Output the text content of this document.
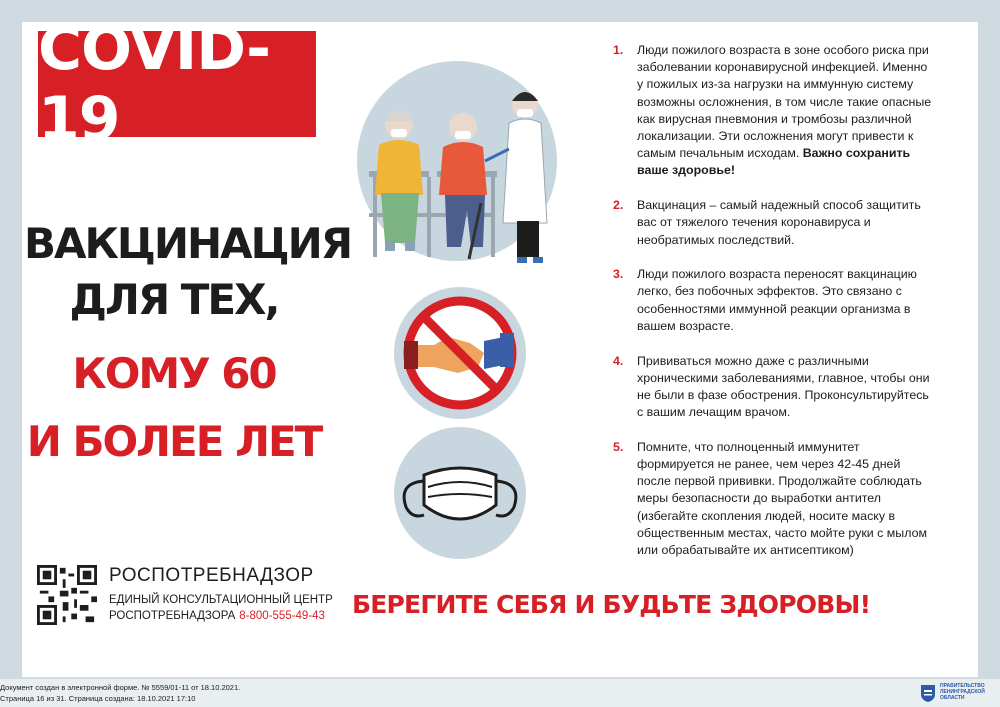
COVID-19
ВАКЦИНАЦИЯ
ДЛЯ ТЕХ,
КОМУ 60
И БОЛЕЕ ЛЕТ
1. Люди пожилого возраста в зоне особого риска при заболевании коронавирусной инфекцией. Именно у пожилых из-за нагрузки на иммунную систему возможны осложнения, в том числе такие опасные как вирусная пневмония и тромбозы различной локализации. Эти осложнения могут привести к самым печальным исходам. Важно сохранить ваше здоровье!
2. Вакцинация – самый надежный способ защитить вас от тяжелого течения коронавируса и необратимых последствий.
3. Люди пожилого возраста переносят вакцинацию легко, без побочных эффектов. Это связано с особенностями иммунной реакции организма в вашем возрасте.
4. Прививаться можно даже с различными хроническими заболеваниями, главное, чтобы они не были в фазе обострения. Проконсультируйтесь с вашим лечащим врачом.
5. Помните, что полноценный иммунитет формируется не ранее, чем через 42-45 дней после первой прививки. Продолжайте соблюдать меры безопасности до выработки антител (избегайте скопления людей, носите маску в общественным местах, часто мойте руки с мылом или обрабатывайте их антисептиком)
РОСПОТРЕБНАДЗОР
ЕДИНЫЙ КОНСУЛЬТАЦИОННЫЙ ЦЕНТР
РОСПОТРЕБНАДЗОРА 8-800-555-49-43 БЕРЕГИТЕ СЕБЯ И БУДЬТЕ ЗДОРОВЫ!
Документ создан в электронной форме. № 5559/01-11 от 18.10.2021.
Страница 16 из 31. Страница создана: 18.10.2021 17:10
ПРАВИТЕЛЬСТВО ЛЕНИНГРАДСКОЙ ОБЛАСТИ
